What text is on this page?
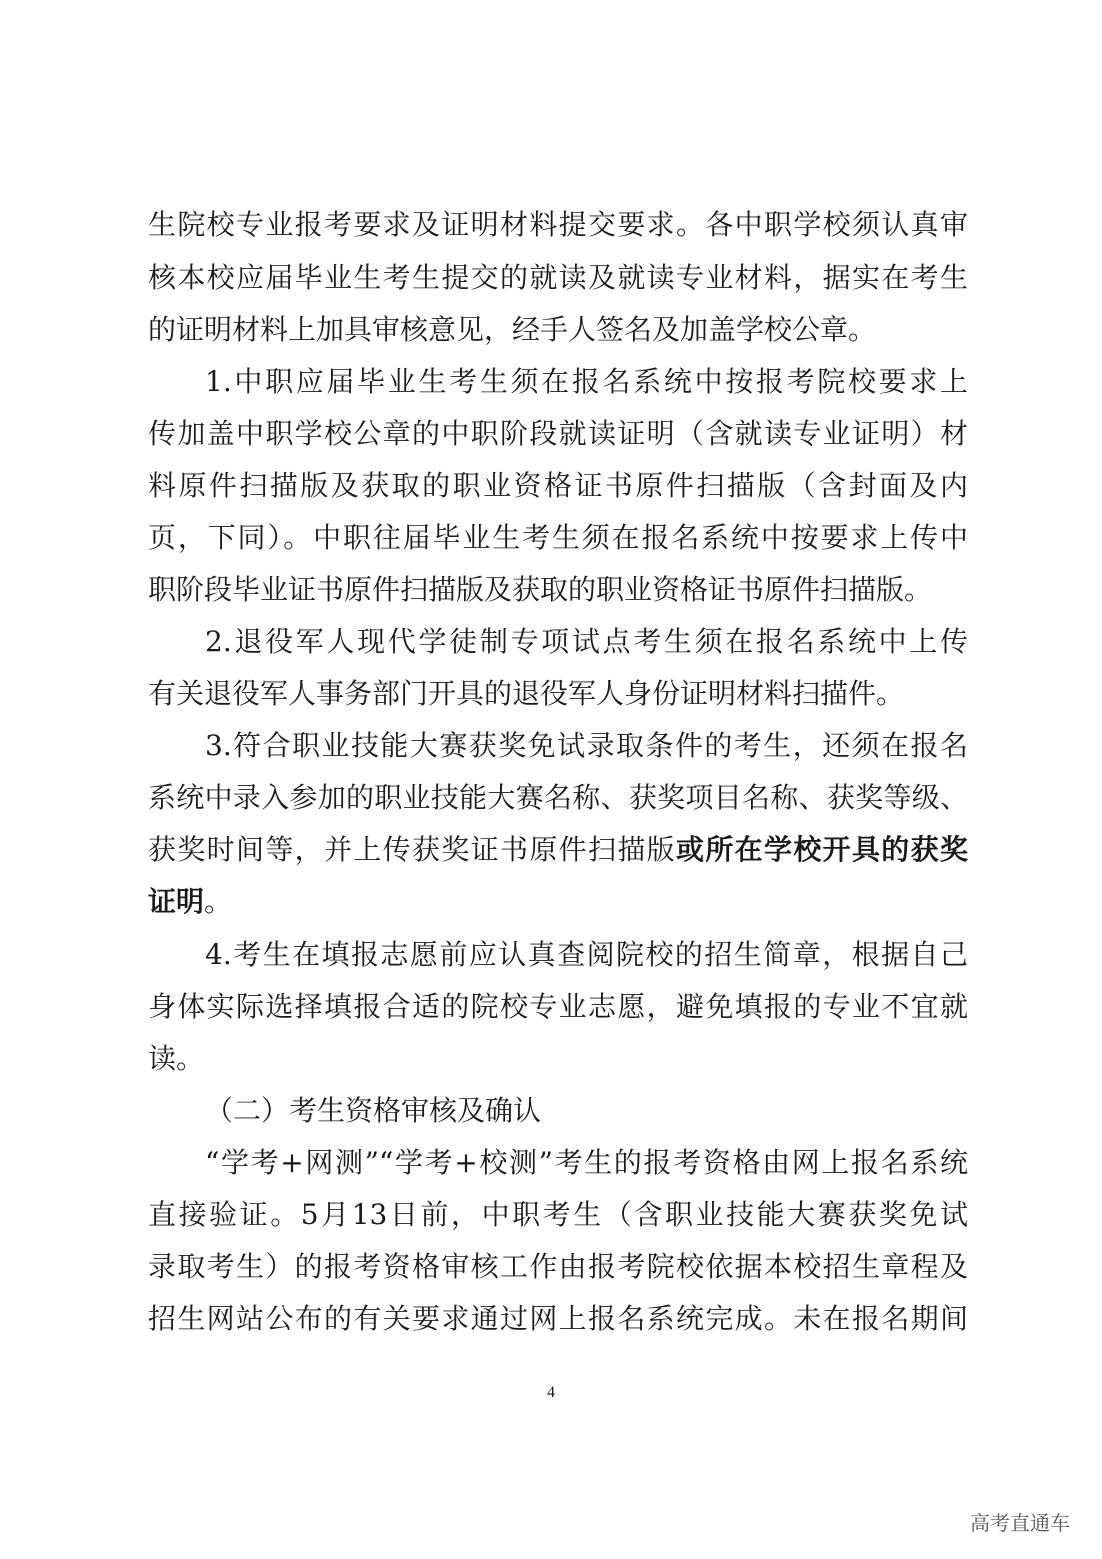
生院校专业报考要求及证明材料提交要求。各中职学校须认真审
核本校应届毕业生考生提交的就读及就读专业材料，据实在考生
的证明材料上加具审核意见，经手人签名及加盖学校公章。
1.中职应届毕业生考生须在报名系统中按报考院校要求上
传加盖中职学校公章的中职阶段就读证明（含就读专业证明）材
料原件扫描版及获取的职业资格证书原件扫描版（含封面及内
页，下同）。中职往届毕业生考生须在报名系统中按要求上传中
职阶段毕业证书原件扫描版及获取的职业资格证书原件扫描版。
2.退役军人现代学徒制专项试点考生须在报名系统中上传
有关退役军人事务部门开具的退役军人身份证明材料扫描件。
3.符合职业技能大赛获奖免试录取条件的考生，还须在报名
系统中录入参加的职业技能大赛名称、获奖项目名称、获奖等级、
获奖时间等，并上传获奖证书原件扫描版或所在学校开具的获奖
证明。
4.考生在填报志愿前应认真查阅院校的招生简章，根据自己
身体实际选择填报合适的院校专业志愿，避免填报的专业不宜就
读。
（二）考生资格审核及确认
“学考+网测”“学考+校测”考生的报考资格由网上报名系统
直接验证。5月13日前，中职考生（含职业技能大赛获奖免试
录取考生）的报考资格审核工作由报考院校依据本校招生章程及
招生网站公布的有关要求通过网上报名系统完成。未在报名期间
4
高考直通车
